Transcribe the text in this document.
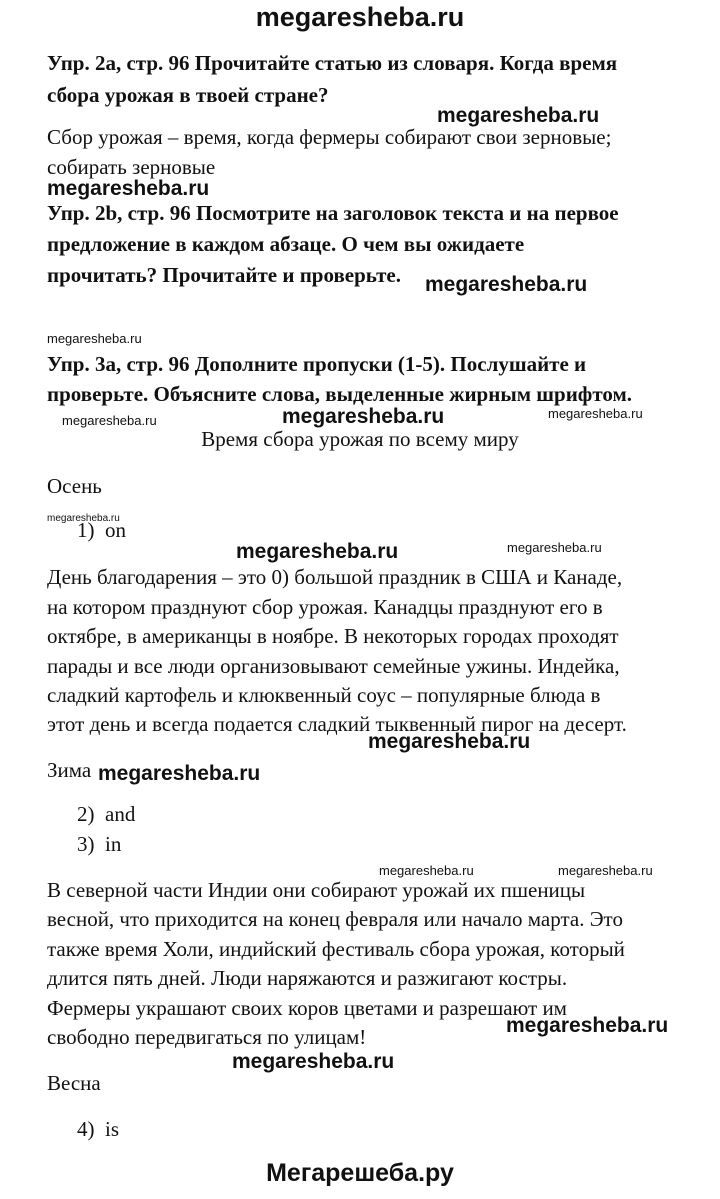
megaresheba.ru
Упр. 2a, стр. 96 Прочитайте статью из словаря. Когда время
сбора урожая в твоей стране?
megaresheba.ru
Сбор урожая – время, когда фермеры собирают свои зерновые;
собирать зерновые
megaresheba.ru
Упр. 2b, стр. 96 Посмотрите на заголовок текста и на первое
предложение в каждом абзаце. О чем вы ожидаете
прочитать? Прочитайте и проверьте. megaresheba.ru
megaresheba.ru
Упр. 3a, стр. 96 Дополните пропуски (1-5). Послушайте и
проверьте. Объясните слова, выделенные жирным шрифтом.
megaresheba.ru	megaresheba.ru	megaresheba.ru
Время сбора урожая по всему миру
Осень
megaresheba.ru
1) on
megaresheba.ru	megaresheba.ru
День благодарения – это 0) большой праздник в США и Канаде,
на котором празднуют сбор урожая. Канадцы празднуют его в
октябре, в американцы в ноябре. В некоторых городах проходят
парады и все люди организовывают семейные ужины. Индейка,
сладкий картофель и клюквенный соус – популярные блюда в
этот день и всегда подается сладкий тыквенный пирог на десерт.
megaresheba.ru
Зима megaresheba.ru
2) and
3) in
megaresheba.ru	megaresheba.ru
В северной части Индии они собирают урожай их пшеницы
весной, что приходится на конец февраля или начало марта. Это
также время Холи, индийский фестиваль сбора урожая, который
длится пять дней. Люди наряжаются и разжигают костры.
Фермеры украшают своих коров цветами и разрешают им
свободно передвигаться по улицам!	megaresheba.ru
megaresheba.ru
Весна
4) is
Мегарешеба.ру
